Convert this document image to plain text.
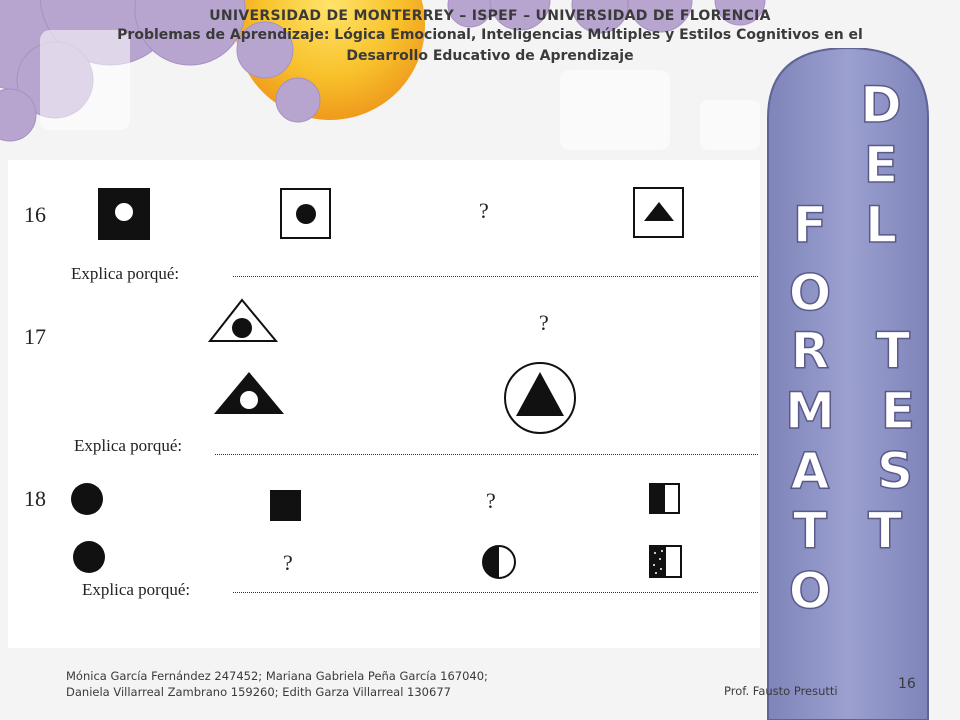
UNIVERSIDAD DE MONTERREY – ISPEF – UNIVERSIDAD DE FLORENCIA
Problemas de Aprendizaje: Lógica Emocional, Inteligencias Múltiples y Estilos Cognitivos en el
Desarrollo Educativo de Aprendizaje
16	?
Explica porqué:
17
?
Explica porqué:
18	?
?
Explica porqué:
F
O
R
M
A
T
O
D
E
L
T
E
S
T
Mónica García Fernández 247452; Mariana Gabriela Peña García 167040;
Daniela Villarreal Zambrano 159260; Edith Garza Villarreal 130677	Prof. Fausto Presutti	16
